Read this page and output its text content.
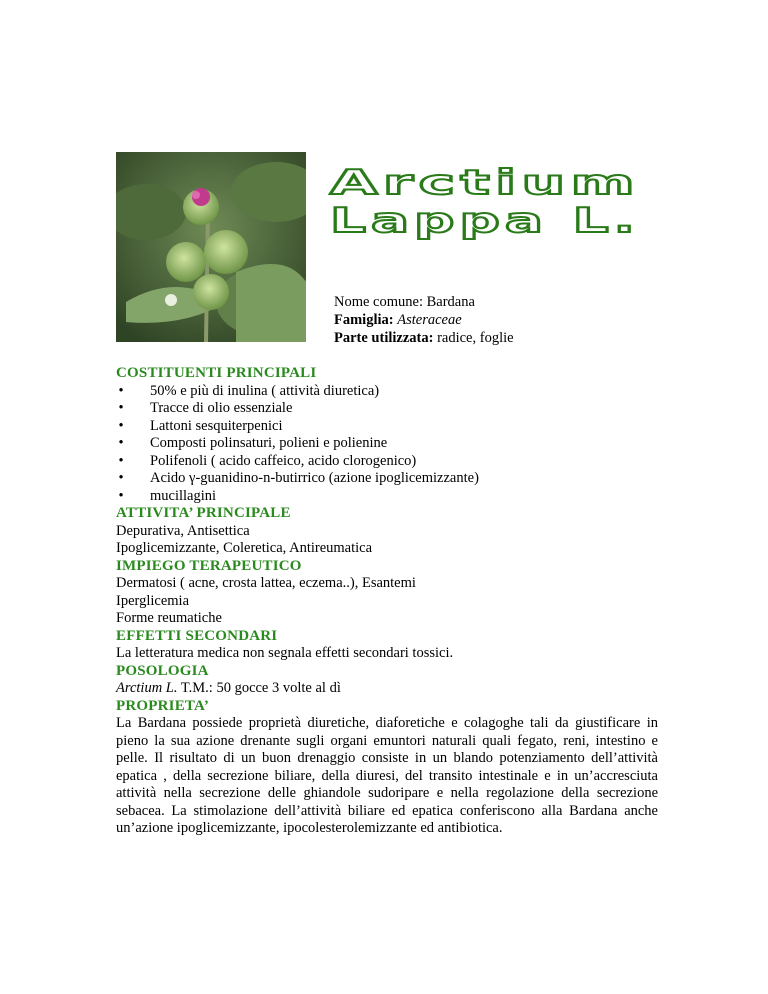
Arctium
Lappa L.
Nome comune: Bardana
Famiglia: Asteraceae
Parte utilizzata: radice, foglie
COSTITUENTI PRINCIPALI
• 50% e più di inulina ( attività diuretica)
• Tracce di olio essenziale
• Lattoni sesquiterpenici
• Composti polinsaturi, polieni e polienine
• Polifenoli ( acido caffeico, acido clorogenico)
• Acido γ-guanidino-n-butirrico (azione ipoglicemizzante)
• mucillagini
ATTIVITA’ PRINCIPALE

Depurativa, Antisettica

Ipoglicemizzante, Coleretica, Antireumatica

IMPIEGO TERAPEUTICO

Dermatosi ( acne, crosta lattea, eczema..), Esantemi

Iperglicemia

Forme reumatiche

EFFETTI SECONDARI

La letteratura medica non segnala effetti secondari tossici.

POSOLOGIA

Arctium L. T.M.: 50 gocce 3 volte al dì

PROPRIETA’

La Bardana possiede proprietà diuretiche, diaforetiche e colagoghe tali da giustificare in pieno la sua azione drenante sugli organi emuntori naturali quali fegato, reni, intestino e pelle. Il risultato di un buon drenaggio consiste in un blando potenziamento dell’attività epatica , della secrezione biliare, della diuresi, del transito intestinale e in un’accresciuta attività nella secrezione delle ghiandole sudoripare e nella regolazione della secrezione sebacea. La stimolazione dell’attività biliare ed epatica conferiscono alla Bardana anche un’azione ipoglicemizzante, ipocolesterolemizzante ed antibiotica.
